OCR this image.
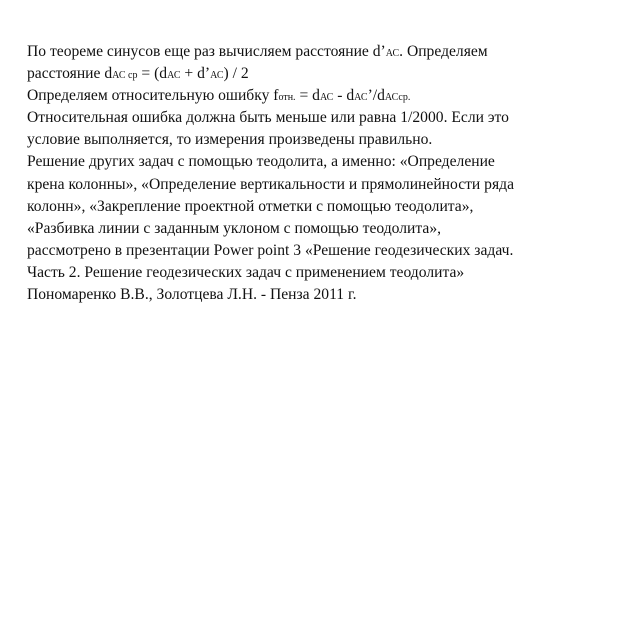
По теореме синусов еще раз вычисляем расстояние d’АС. Определяем
расстояние dАС ср = (dАС + d’АС) / 2
Определяем относительную ошибку fотн. = dАС - dАС’/dАСср.
Относительная ошибка должна быть меньше или равна 1/2000. Если это
условие выполняется, то измерения произведены правильно.
Решение других задач с помощью теодолита, а именно: «Определение
крена колонны», «Определение вертикальности и прямолинейности ряда
колонн», «Закрепление проектной отметки с помощью теодолита»,
«Разбивка линии с заданным уклоном с помощью теодолита»,
рассмотрено в презентации Power point 3 «Решение геодезических задач.
Часть 2. Решение геодезических задач с применением теодолита»
Пономаренко В.В., Золотцева Л.Н. - Пенза 2011 г.
